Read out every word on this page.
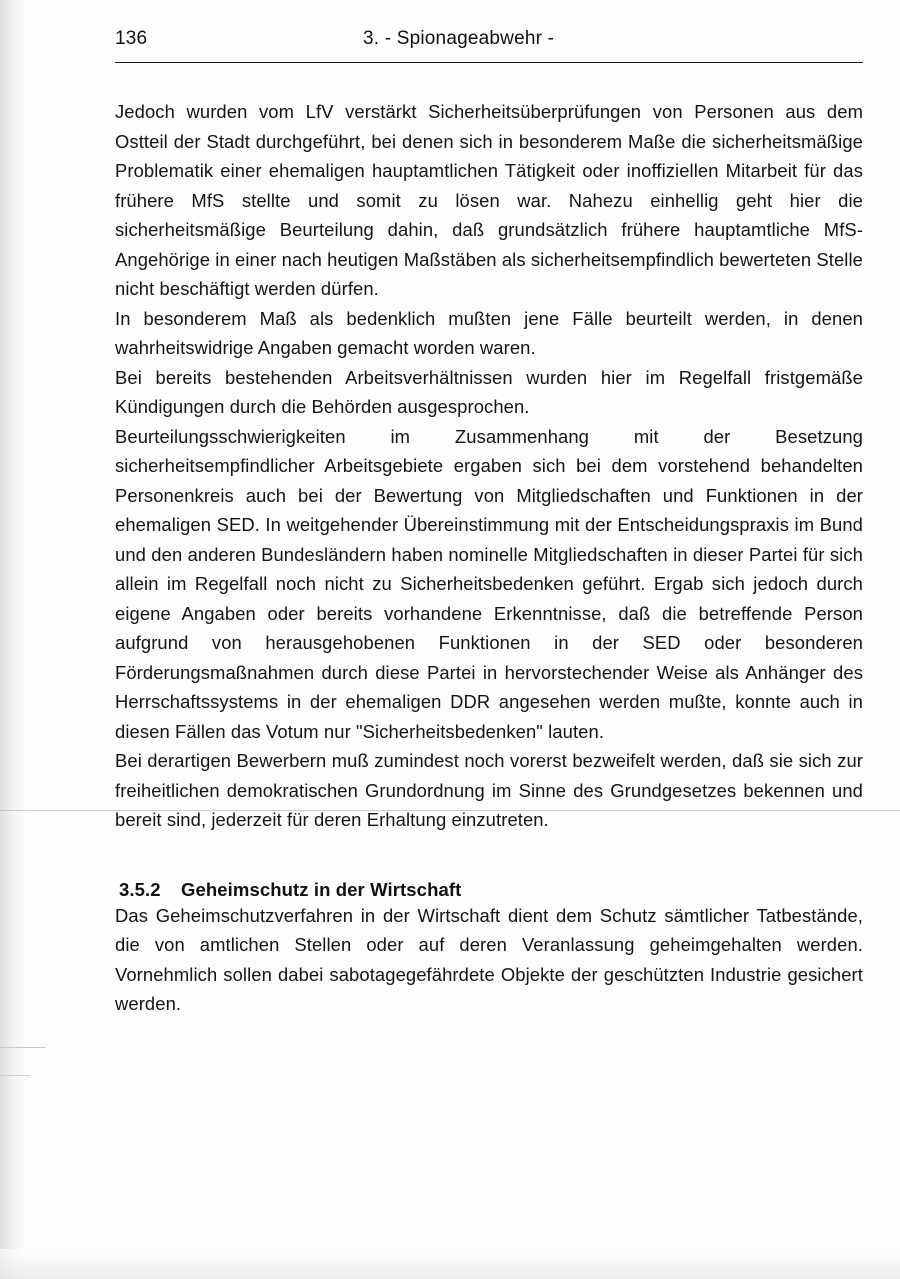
136	3. - Spionageabwehr -

Jedoch wurden vom LfV verstärkt Sicherheitsüberprüfungen von Personen aus dem Ostteil der Stadt durchgeführt, bei denen sich in besonderem Maße die sicherheitsmäßige Problematik einer ehemaligen hauptamtlichen Tätigkeit oder inoffiziellen Mitarbeit für das frühere MfS stellte und somit zu lösen war. Nahezu einhellig geht hier die sicherheitsmäßige Beurteilung dahin, daß grundsätzlich frühere hauptamtliche MfS-Angehörige in einer nach heutigen Maßstäben als sicherheitsempfindlich bewerteten Stelle nicht beschäftigt werden dürfen.

In besonderem Maß als bedenklich mußten jene Fälle beurteilt werden, in denen wahrheitswidrige Angaben gemacht worden waren.

Bei bereits bestehenden Arbeitsverhältnissen wurden hier im Regelfall fristgemäße Kündigungen durch die Behörden ausgesprochen.

Beurteilungsschwierigkeiten im Zusammenhang mit der Besetzung sicherheitsempfindlicher Arbeitsgebiete ergaben sich bei dem vorstehend behandelten Personenkreis auch bei der Bewertung von Mitgliedschaften und Funktionen in der ehemaligen SED. In weitgehender Übereinstimmung mit der Entscheidungspraxis im Bund und den anderen Bundesländern haben nominelle Mitgliedschaften in dieser Partei für sich allein im Regelfall noch nicht zu Sicherheitsbedenken geführt. Ergab sich jedoch durch eigene Angaben oder bereits vorhandene Erkenntnisse, daß die betreffende Person aufgrund von herausgehobenen Funktionen in der SED oder besonderen Förderungsmaßnahmen durch diese Partei in hervorstechender Weise als Anhänger des Herrschaftssystems in der ehemaligen DDR angesehen werden mußte, konnte auch in diesen Fällen das Votum nur "Sicherheitsbedenken" lauten.

Bei derartigen Bewerbern muß zumindest noch vorerst bezweifelt werden, daß sie sich zur freiheitlichen demokratischen Grundordnung im Sinne des Grundgesetzes bekennen und bereit sind, jederzeit für deren Erhaltung einzutreten.

3.5.2 Geheimschutz in der Wirtschaft

Das Geheimschutzverfahren in der Wirtschaft dient dem Schutz sämtlicher Tatbestände, die von amtlichen Stellen oder auf deren Veranlassung geheimgehalten werden. Vornehmlich sollen dabei sabotagegefährdete Objekte der geschützten Industrie gesichert werden.
